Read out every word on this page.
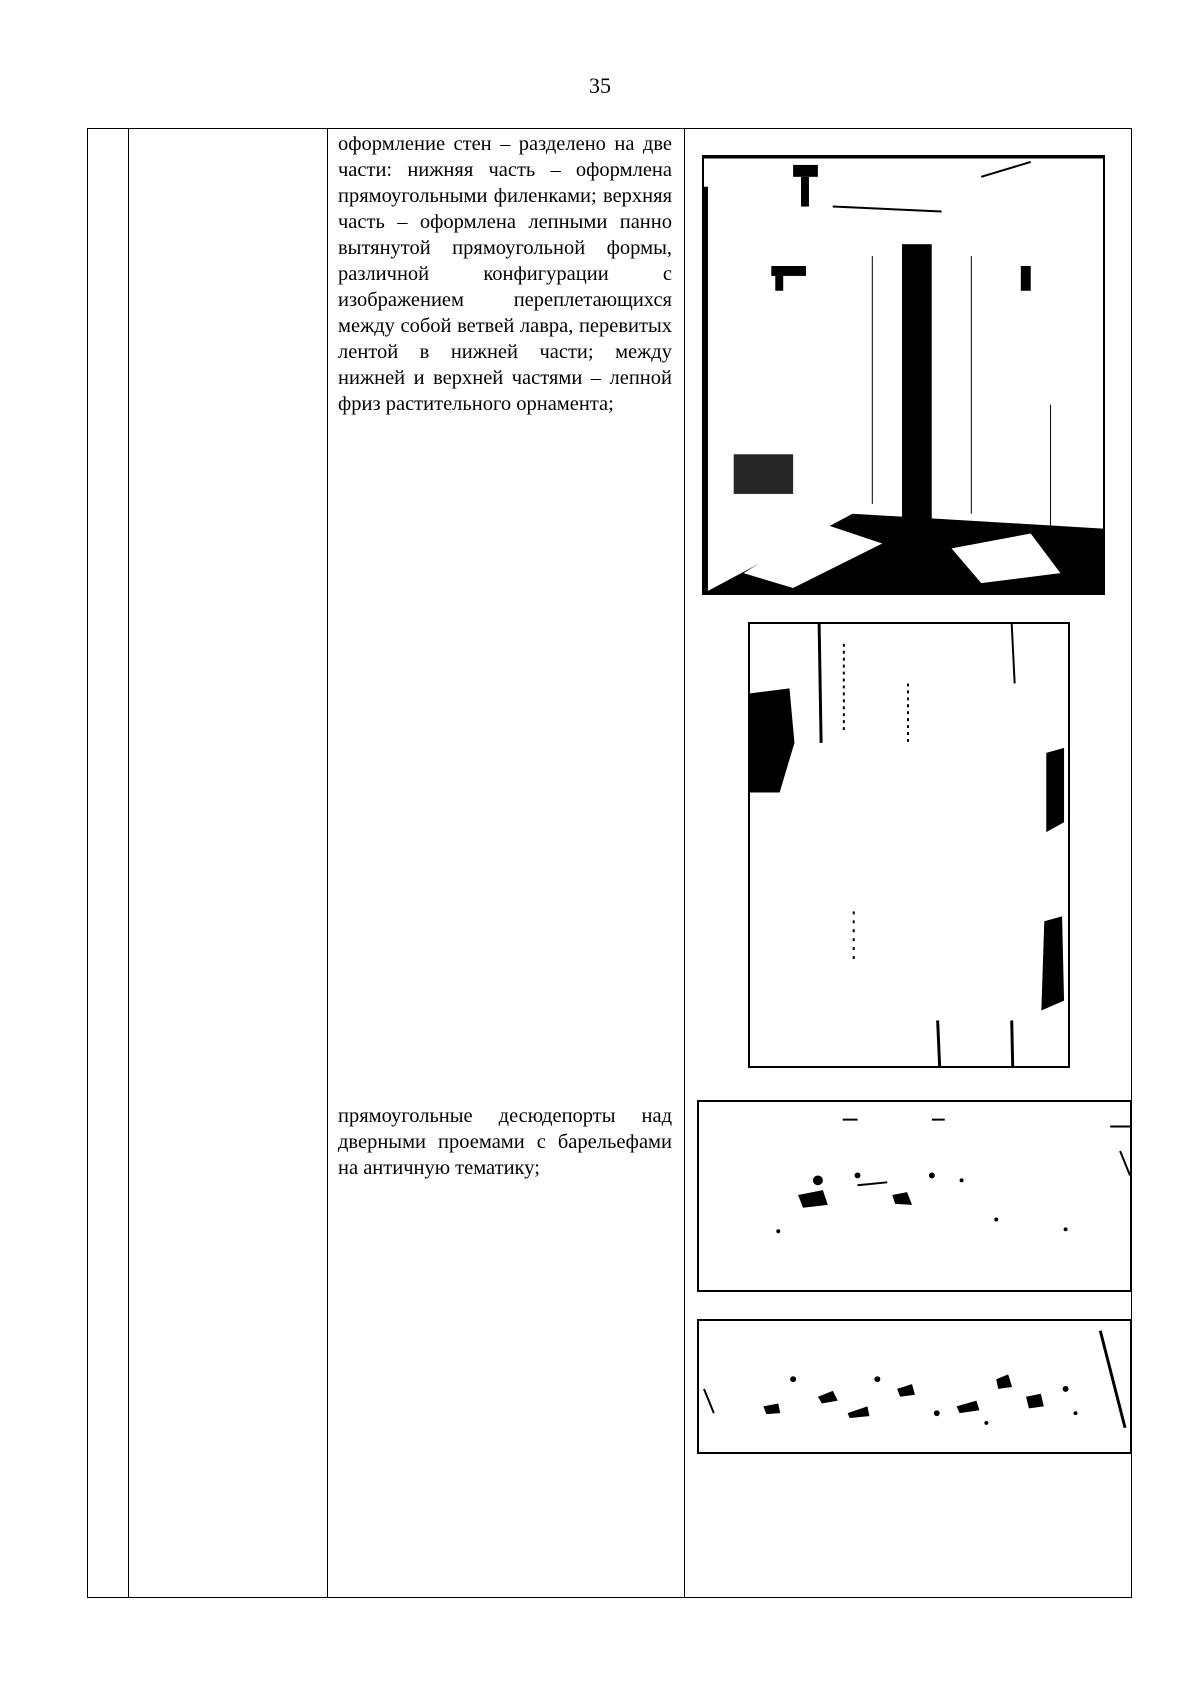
35
оформление стен – разделено на две части: нижняя часть – оформлена прямоугольными филенками; верхняя часть – оформлена лепными панно вытянутой прямоугольной формы, различной конфигурации с изображением переплетающихся между собой ветвей лавра, перевитых лентой в нижней части; между нижней и верхней частями – лепной фриз растительного орнамента;
прямоугольные десюдепорты над дверными проемами с барельефами на античную тематику;
